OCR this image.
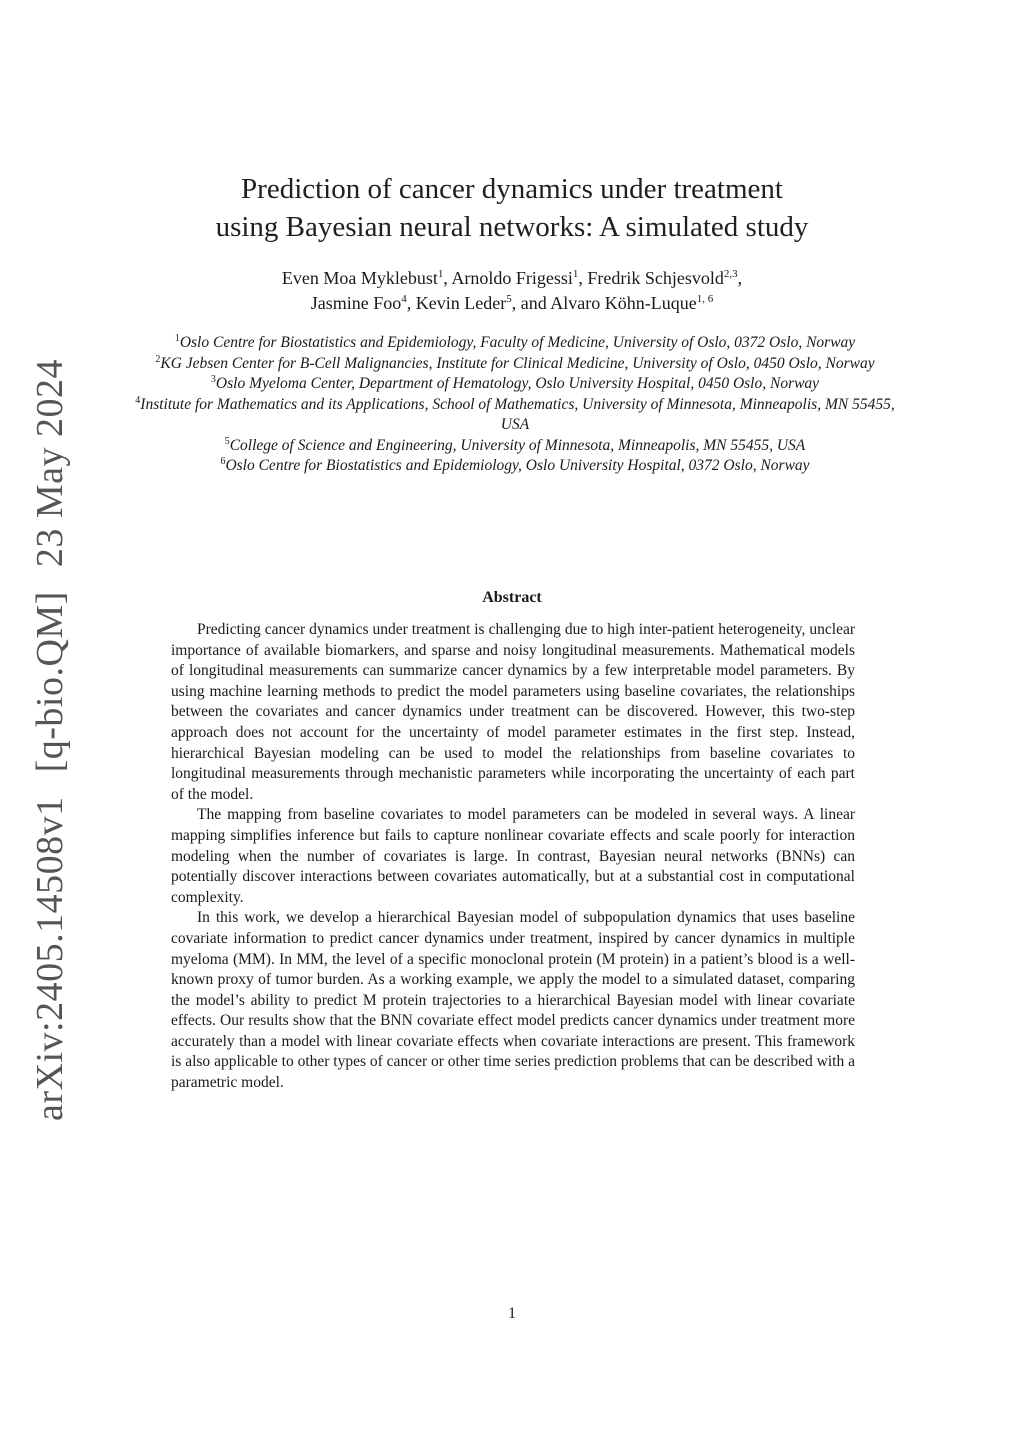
arXiv:2405.14508v1[q-bio.QM]23 May 2024
Prediction of cancer dynamics under treatment
using Bayesian neural networks: A simulated study
Even Moa Myklebust$^1$, Arnoldo Frigessi$^1$, Fredrik Schjesvold$^{2,3}$,
Jasmine Foo$^4$, Kevin Leder$^5$, and Alvaro Köhn-Luque$^{1, 6}$

$^1$Oslo Centre for Biostatistics and Epidemiology, Faculty of Medicine, University of Oslo, 0372 Oslo, Norway

$^2$KG Jebsen Center for B-Cell Malignancies, Institute for Clinical Medicine, University of Oslo, 0450 Oslo, Norway

$^3$Oslo Myeloma Center, Department of Hematology, Oslo University Hospital, 0450 Oslo, Norway

$^4$Institute for Mathematics and its Applications, School of Mathematics, University of Minnesota, Minneapolis, MN 55455, USA

$^5$College of Science and Engineering, University of Minnesota, Minneapolis, MN 55455, USA

$^6$Oslo Centre for Biostatistics and Epidemiology, Oslo University Hospital, 0372 Oslo, Norway

Abstract

Predicting cancer dynamics under treatment is challenging due to high inter-patient heterogeneity, unclear importance of available biomarkers, and sparse and noisy longitudinal measurements. Mathematical models of longitudinal measurements can summarize cancer dynamics by a few interpretable model parameters. By using machine learning methods to predict the model parameters using baseline covariates, the relationships between the covariates and cancer dynamics under treatment can be discovered. However, this two-step approach does not account for the uncertainty of model parameter estimates in the first step. Instead, hierarchical Bayesian modeling can be used to model the relationships from baseline covariates to longitudinal measurements through mechanistic parameters while incorporating the uncertainty of each part of the model.

The mapping from baseline covariates to model parameters can be modeled in several ways. A linear mapping simplifies inference but fails to capture nonlinear covariate effects and scale poorly for interaction modeling when the number of covariates is large. In contrast, Bayesian neural networks (BNNs) can potentially discover interactions between covariates automatically, but at a substantial cost in computational complexity.

In this work, we develop a hierarchical Bayesian model of subpopulation dynamics that uses baseline covariate information to predict cancer dynamics under treatment, inspired by cancer dynamics in multiple myeloma (MM). In MM, the level of a specific monoclonal protein (M protein) in a patient’s blood is a well-known proxy of tumor burden. As a working example, we apply the model to a simulated dataset, comparing the model’s ability to predict M protein trajectories to a hierarchical Bayesian model with linear covariate effects. Our results show that the BNN covariate effect model predicts cancer dynamics under treatment more accurately than a model with linear covariate effects when covariate interactions are present. This framework is also applicable to other types of cancer or other time series prediction problems that can be described with a parametric model.

1
